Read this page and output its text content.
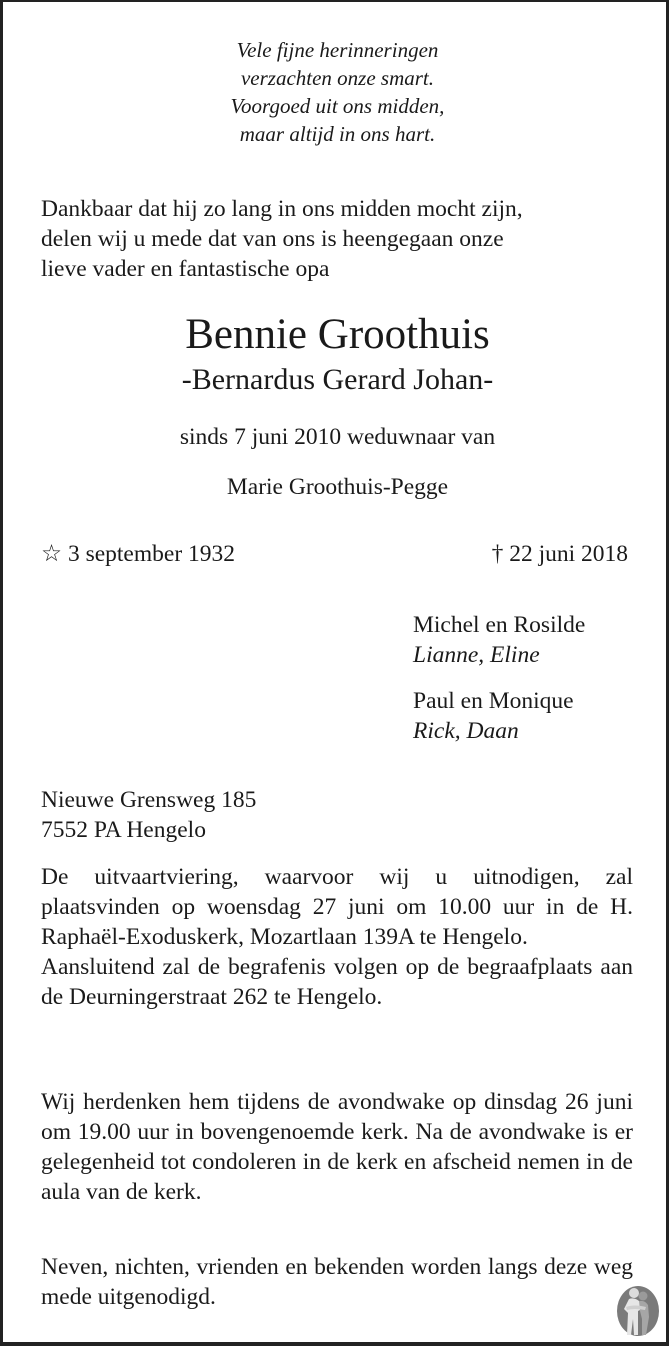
Vele fijne herinneringen
verzachten onze smart.
Voorgoed uit ons midden,
maar altijd in ons hart.
Dankbaar dat hij zo lang in ons midden mocht zijn,
delen wij u mede dat van ons is heengegaan onze
lieve vader en fantastische opa
Bennie Groothuis
-Bernardus Gerard Johan-
sinds 7 juni 2010 weduwnaar van
Marie Groothuis-Pegge
☆ 3 september 1932	† 22 juni 2018
Michel en Rosilde
Lianne, Eline
Paul en Monique
Rick, Daan
Nieuwe Grensweg 185
7552 PA Hengelo

De uitvaartviering, waarvoor wij u uitnodigen, zal plaatsvinden op woensdag 27 juni om 10.00 uur in de H. Raphaël-Exoduskerk, Mozartlaan 139A te Hengelo.

Aansluitend zal de begrafenis volgen op de begraafplaats aan de Deurningerstraat 262 te Hengelo.

Wij herdenken hem tijdens de avondwake op dinsdag 26 juni om 19.00 uur in bovengenoemde kerk. Na de avondwake is er gelegenheid tot condoleren in de kerk en afscheid nemen in de aula van de kerk.

Neven, nichten, vrienden en bekenden worden langs deze weg mede uitgenodigd.
